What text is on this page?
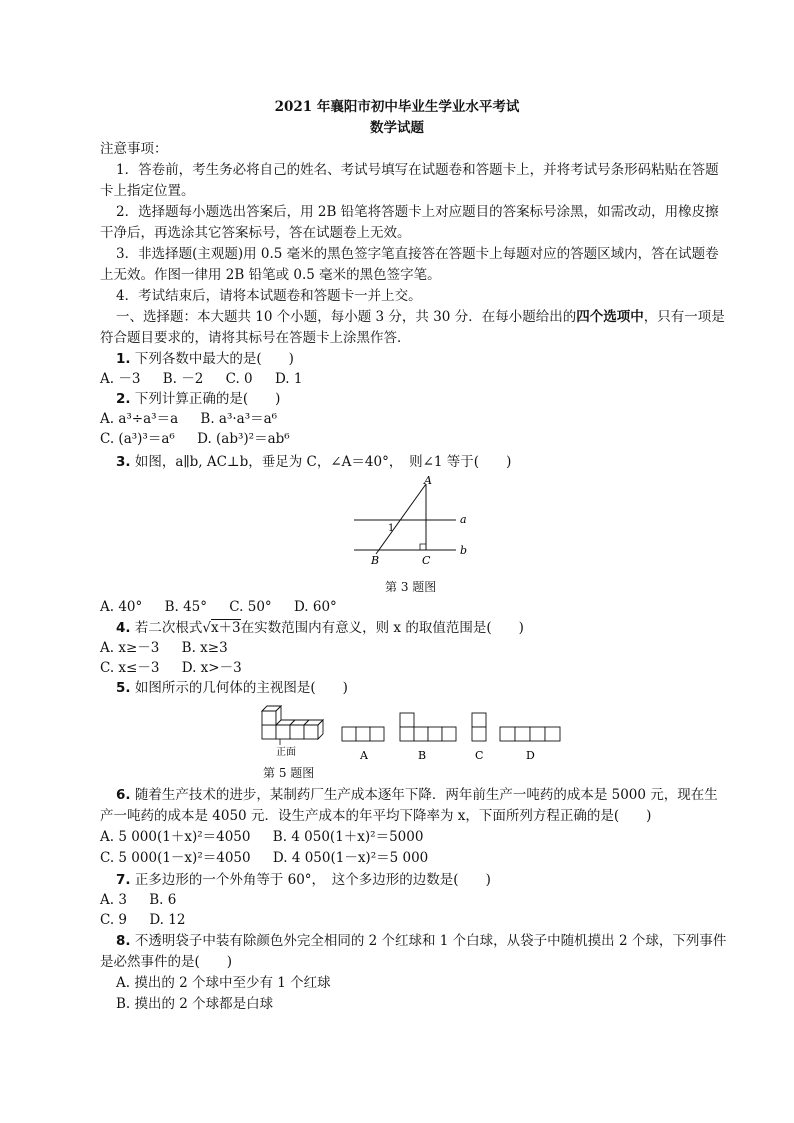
2021 年襄阳市初中毕业生学业水平考试
数学试题
注意事项：
1．答卷前，考生务必将自己的姓名、考试号填写在试题卷和答题卡上，并将考试号条形码粘贴在答题
卡上指定位置。
2．选择题每小题选出答案后，用 2B 铅笔将答题卡上对应题目的答案标号涂黑，如需改动，用橡皮擦
干净后，再选涂其它答案标号，答在试题卷上无效。
3．非选择题(主观题)用 0.5 毫米的黑色签字笔直接答在答题卡上每题对应的答题区域内，答在试题卷
上无效。作图一律用 2B 铅笔或 0.5 毫米的黑色签字笔。
4．考试结束后，请将本试题卷和答题卡一并上交。
一、选择题：本大题共 10 个小题，每小题 3 分，共 30 分．在每小题给出的四个选项中，只有一项是
符合题目要求的，请将其标号在答题卡上涂黑作答．
1. 下列各数中最大的是(　　)
A. －3 B. －2 C. 0 D. 1
2. 下列计算正确的是(　　)
A. a³÷a³＝a B. a³·a³＝a⁶
C. (a³)³＝a⁶ D. (ab³)²＝ab⁶
3. 如图，a∥b, AC⊥b，垂足为 C，∠A＝40°，　则∠1 等于(　　)
A
B	C
a
b
1
第 3 题图
A. 40° B. 45° C. 50° D. 60°
4. 若二次根式√x＋3在实数范围内有意义，则 x 的取值范围是(　　)
A. x≥－3 B. x≥3
C. x≤－3 D. x>－3
5. 如图所示的几何体的主视图是(　　)
正面	A	B	C	D
第 5 题图
6. 随着生产技术的进步，某制药厂生产成本逐年下降．两年前生产一吨药的成本是 5000 元，现在生
产一吨药的成本是 4050 元．设生产成本的年平均下降率为 x，下面所列方程正确的是(　　)
A. 5 000(1＋x)²＝4050 B. 4 050(1＋x)²＝5000
C. 5 000(1－x)²＝4050 D. 4 050(1－x)²＝5 000
7. 正多边形的一个外角等于 60°，　这个多边形的边数是(　　)
A. 3 B. 6
C. 9 D. 12
8. 不透明袋子中装有除颜色外完全相同的 2 个红球和 1 个白球，从袋子中随机摸出 2 个球，下列事件
是必然事件的是(　　)
A. 摸出的 2 个球中至少有 1 个红球
B. 摸出的 2 个球都是白球
